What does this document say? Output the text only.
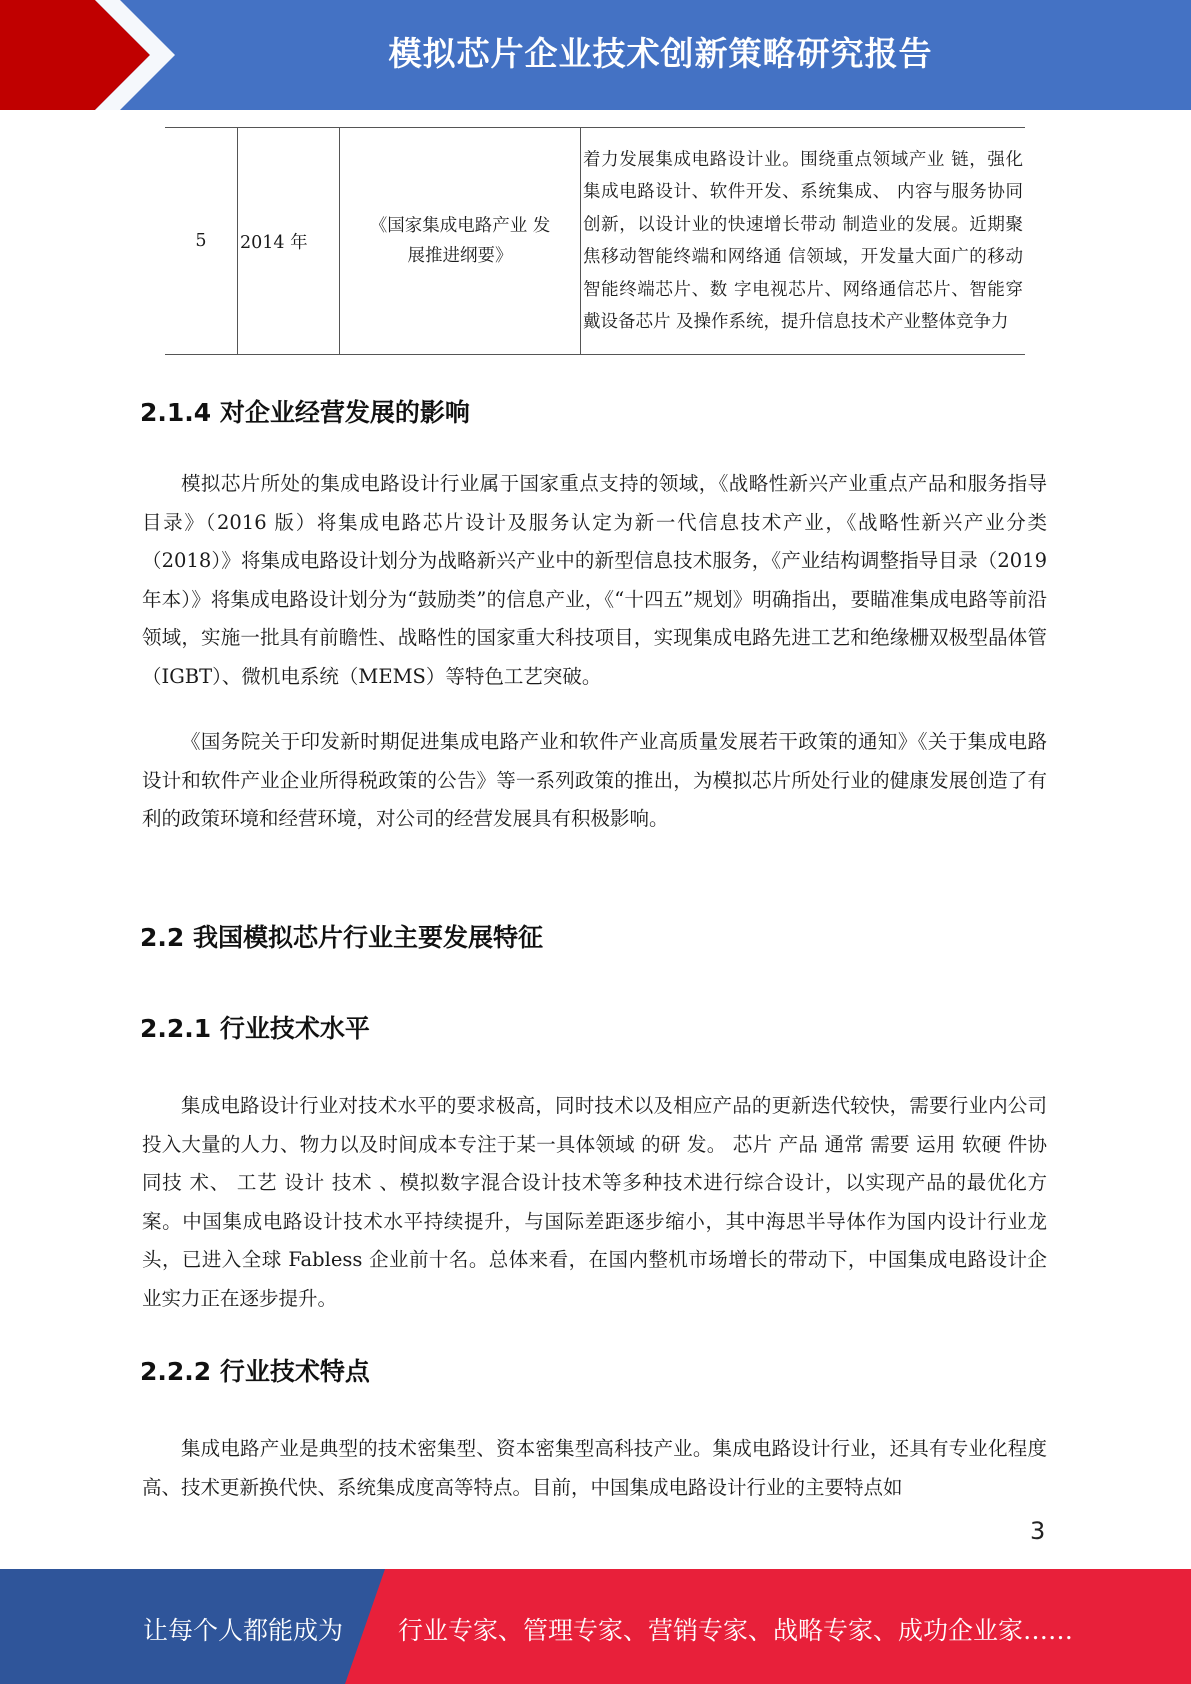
模拟芯片企业技术创新策略研究报告
5	2014 年	《国家集成电路产业 发
展推进纲要》	着力发展集成电路设计业。围绕重点领域产业 链，强化集成电路设计、软件开发、系统集成、 内容与服务协同创新，以设计业的快速增长带动 制造业的发展。近期聚焦移动智能终端和网络通 信领域，开发量大面广的移动智能终端芯片、数 字电视芯片、网络通信芯片、智能穿戴设备芯片 及操作系统，提升信息技术产业整体竞争力
2.1.4 对企业经营发展的影响

模拟芯片所处的集成电路设计行业属于国家重点支持的领域，《战略性新兴产业重点产品和服务指导目录》（2016 版）将集成电路芯片设计及服务认定为新一代信息技术产业，《战略性新兴产业分类（2018）》将集成电路设计划分为战略新兴产业中的新型信息技术服务，《产业结构调整指导目录（2019 年本）》将集成电路设计划分为“鼓励类”的信息产业，《“十四五”规划》明确指出，要瞄准集成电路等前沿领域，实施一批具有前瞻性、战略性的国家重大科技项目，实现集成电路先进工艺和绝缘栅双极型晶体管（IGBT）、微机电系统（MEMS）等特色工艺突破。

《国务院关于印发新时期促进集成电路产业和软件产业高质量发展若干政策的通知》《关于集成电路设计和软件产业企业所得税政策的公告》等一系列政策的推出，为模拟芯片所处行业的健康发展创造了有利的政策环境和经营环境，对公司的经营发展具有积极影响。

2.2 我国模拟芯片行业主要发展特征
2.2.1 行业技术水平

集成电路设计行业对技术水平的要求极高，同时技术以及相应产品的更新迭代较快，需要行业内公司投入大量的人力、物力以及时间成本专注于某一具体领域 的研 发。 芯片 产品 通常 需要 运用 软硬 件协 同技 术、 工艺 设计 技术 、模拟数字混合设计技术等多种技术进行综合设计，以实现产品的最优化方案。中国集成电路设计技术水平持续提升，与国际差距逐步缩小，其中海思半导体作为国内设计行业龙头，已进入全球 Fabless 企业前十名。总体来看，在国内整机市场增长的带动下，中国集成电路设计企业实力正在逐步提升。

2.2.2 行业技术特点

集成电路产业是典型的技术密集型、资本密集型高科技产业。集成电路设计行业，还具有专业化程度高、技术更新换代快、系统集成度高等特点。目前，中国集成电路设计行业的主要特点如

3
让每个人都能成为 行业专家、管理专家、营销专家、战略专家、成功企业家……
